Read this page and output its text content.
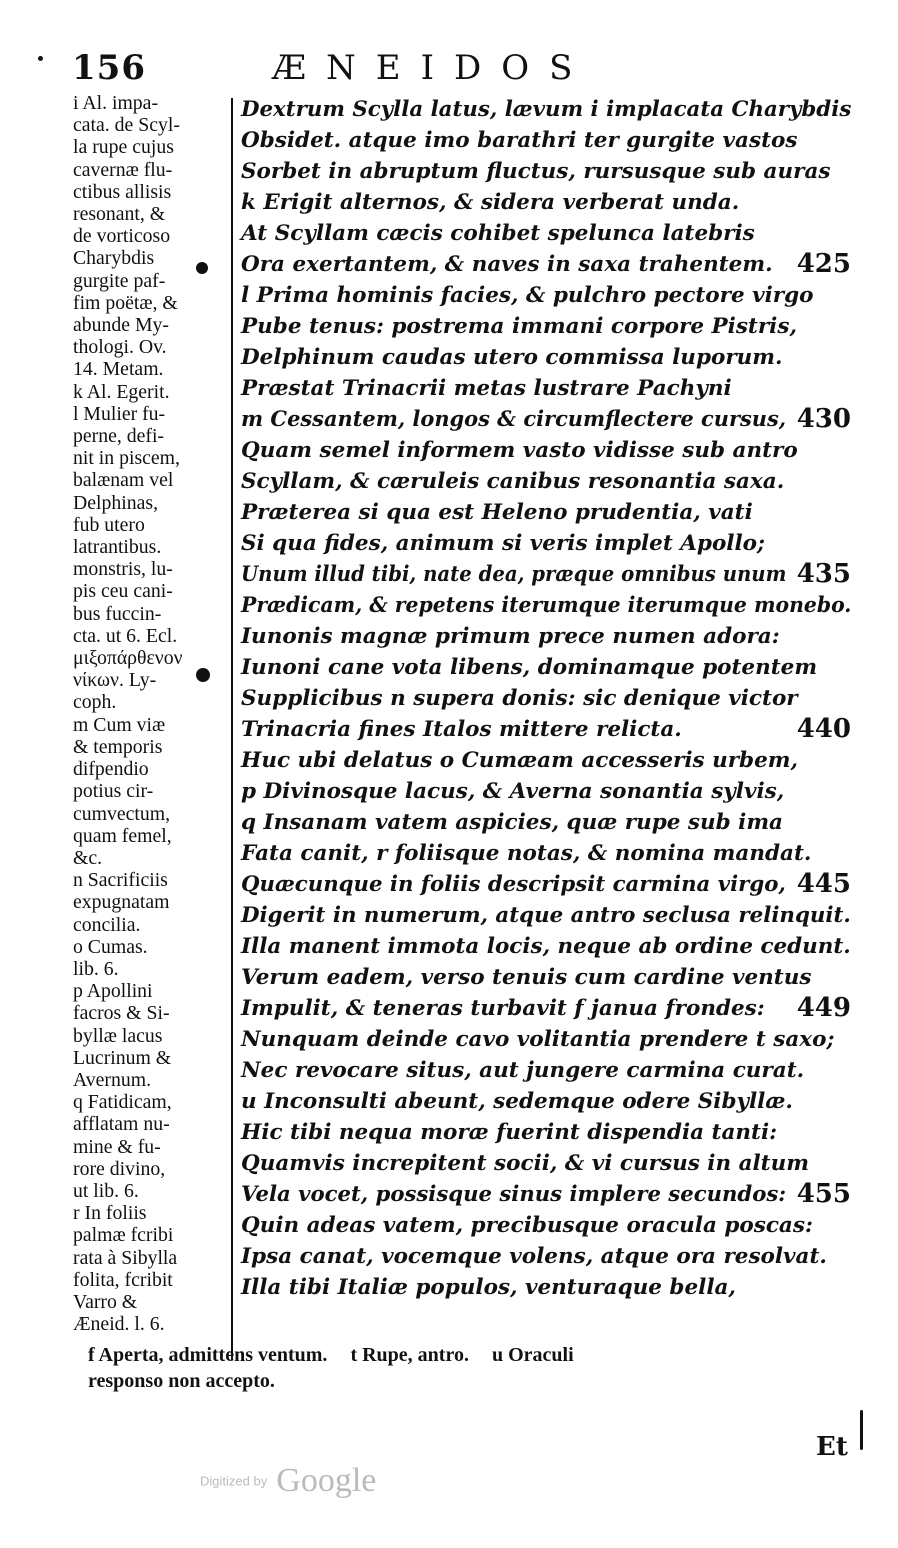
156	ÆNEIDOS
i Al. impa-
cata. de Scyl-
la rupe cujus
cavernæ flu-
ctibus allisis
resonant, &
de vorticoso
Charybdis
gurgite paf-
fim poëtæ, &
abunde My-
thologi. Ov.
14. Metam.
k Al. Egerit.
l Mulier fu-
perne, defi-
nit in piscem,
balænam vel
Delphinas,
fub utero
latrantibus.
monstris, lu-
pis ceu cani-
bus fuccin-
cta. ut 6. Ecl.
μιξοπάρθενον
νίκων. Ly-
coph.
m Cum viæ
& temporis
difpendio
potius cir-
cumvectum,
quam femel,
&c.
n Sacrificiis
expugnatam
concilia.
o Cumas.
lib. 6.
p Apollini
facros & Si-
byllæ lacus
Lucrinum &
Avernum.
q Fatidicam,
afflatam nu-
mine & fu-
rore divino,
ut lib. 6.
r In foliis
palmæ fcribi
rata à Sibylla
folita, fcribit
Varro &
Æneid. l. 6.
Dextrum Scylla latus, lævum i implacata Charybdis
Obsidet. atque imo barathri ter gurgite vastos
Sorbet in abruptum fluctus, rursusque sub auras
k Erigit alternos, & sidera verberat unda.
At Scyllam cæcis cohibet spelunca latebris
Ora exertantem, & naves in saxa trahentem. 425
l Prima hominis facies, & pulchro pectore virgo
Pube tenus: postrema immani corpore Pistris,
Delphinum caudas utero commissa luporum.
Præstat Trinacrii metas lustrare Pachyni
m Cessantem, longos & circumflectere cursus, 430
Quam semel informem vasto vidisse sub antro
Scyllam, & cæruleis canibus resonantia saxa.
Præterea si qua est Heleno prudentia, vati
Si qua fides, animum si veris implet Apollo;
Unum illud tibi, nate dea, præque omnibus unum 435
Prædicam, & repetens iterumque iterumque monebo.
Iunonis magnæ primum prece numen adora:
Iunoni cane vota libens, dominamque potentem
Supplicibus n supera donis: sic denique victor
Trinacria fines Italos mittere relicta.	440
Huc ubi delatus o Cumæam accesseris urbem,
p Divinosque lacus, & Averna sonantia sylvis,
q Insanam vatem aspicies, quæ rupe sub ima
Fata canit, r foliisque notas, & nomina mandat.
Quæcunque in foliis descripsit carmina virgo, 445
Digerit in numerum, atque antro seclusa relinquit.
Illa manent immota locis, neque ab ordine cedunt.
Verum eadem, verso tenuis cum cardine ventus
Impulit, & teneras turbavit f janua frondes: 449
Nunquam deinde cavo volitantia prendere t saxo;
Nec revocare situs, aut jungere carmina curat.
u Inconsulti abeunt, sedemque odere Sibyllæ.
Hic tibi nequa moræ fuerint dispendia tanti:
Quamvis increpitent socii, & vi cursus in altum
Vela vocet, possisque sinus implere secundos: 455
Quin adeas vatem, precibusque oracula poscas:
Ipsa canat, vocemque volens, atque ora resolvat.
Illa tibi Italiæ populos, venturaque bella,
f Aperta, admittens ventum. t Rupe, antro. u Oraculi
responso non accepto.
Et
Digitized by Google
